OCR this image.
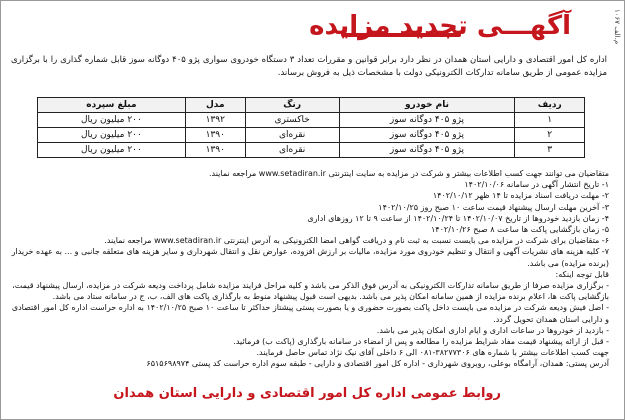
م.الف ۱۰۶۷
آگهـــی تجدید مزایده
اداره کل امور اقتصادی و دارایی استان همدان در نظر دارد برابر قوانین و مقررات تعداد ۳ دستگاه خودروی سواری پژو ۴۰۵ دوگانه سوز قابل شماره گذاری را با برگزاری مزایده عمومی از طریق سامانه تدارکات الکترونیکی دولت با مشخصات ذیل به فروش برساند.
ردیف	نام خودرو	رنگ	مدل	مبلغ سپرده
۱	پژو ۴۰۵ دوگانه سوز	خاکستری	۱۳۹۲	۲۰۰ میلیون ریال
۲	پژو ۴۰۵ دوگانه سوز	نقره‌ای	۱۳۹۰	۲۰۰ میلیون ریال
۳	پژو ۴۰۵ دوگانه سوز	نقره‌ای	۱۳۹۰	۲۰۰ میلیون ریال

متقاضیان می توانند جهت کسب اطلاعات بیشتر و شرکت در مزایده به سایت اینترنتی www.setadiran.ir مراجعه نمایند.

۱- تاریخ انتشار آگهی در سامانه ۱۴۰۲/۱۰/۰۶

۲- مهلت دریافت اسناد مزایده تا ۱۴ ظهر ۱۴۰۲/۱۰/۱۲

۳- آخرین مهلت ارسال پیشنهاد قیمت ساعت ۱۰ صبح روز ۱۴۰۲/۱۰/۲۵

۴- زمان بازدید خودروها از تاریخ ۱۴۰۲/۱۰/۰۷ تا ۱۴۰۲/۱۰/۲۴ از ساعت ۹ تا ۱۲ روزهای اداری

۵- زمان بازگشایی پاکت ها ساعت ۸ صبح ۱۴۰۲/۱۰/۲۶

۶- متقاضیان برای شرکت در مزایده می بایست نسبت به ثبت نام و دریافت گواهی امضا الکترونیکی به آدرس اینترنتی www.setadiran.ir مراجعه نمایند.

۷- کلیه هزینه های نشریات آگهی و انتقال و تنظیم خودروی مورد مزایده، مالیات بر ارزش افزوده، عوارض نقل و انتقال شهرداری و سایر هزینه های متعلقه جانبی و ... به عهده خریدار (برنده مزایده) می باشد.

قابل توجه اینکه:

- برگزاری مزایده صرفا از طریق سامانه تدارکات الکترونیکی به آدرس فوق الذکر می باشد و کلیه مراحل فرایند مزایده شامل پرداخت ودیعه شرکت در مزایده، ارسال پیشنهاد قیمت، بازگشایی پاکت ها، اعلام برنده مزایده از همین سامانه امکان پذیر می باشد. بدیهی است قبول پیشنهاد منوط به بارگذاری پاکت های الف، ب، ج در سامانه ستاد می باشد.

- اصل فیش ودیعه شرکت در مزایده می بایست داخل پاکت بصورت حضوری و یا بصورت پستی پیشتاز حداکثر تا ساعت ۱۰ صبح ۱۴۰۲/۱۰/۲۵ به اداره حراست اداره کل امور اقتصادی و دارایی استان همدان تحویل گردد.

- بازدید از خودروها در ساعات اداری و ایام اداری امکان پذیر می باشد.

- قبل از ارائه پیشنهاد قیمت مفاد شرایط مزایده را مطالعه و پس از امضاء در سامانه بارگذاری (پاکت ب) فرمائید.

جهت کسب اطلاعات بیشتر با شماره های ۳۸۲۷۷۳۰۶-۰۸۱ الی ۶ داخلی آقای نیک نژاد تماس حاصل فرمایند.

آدرس پستی: همدان، آرامگاه بوعلی، روبروی شهرداری - اداره کل امور اقتصادی و دارایی - طبقه سوم اداره حراست کد پستی ۶۵۱۵۶۹۸۹۷۴

روابط عمومی اداره کل امور اقتصادی و دارایی استان همدان
